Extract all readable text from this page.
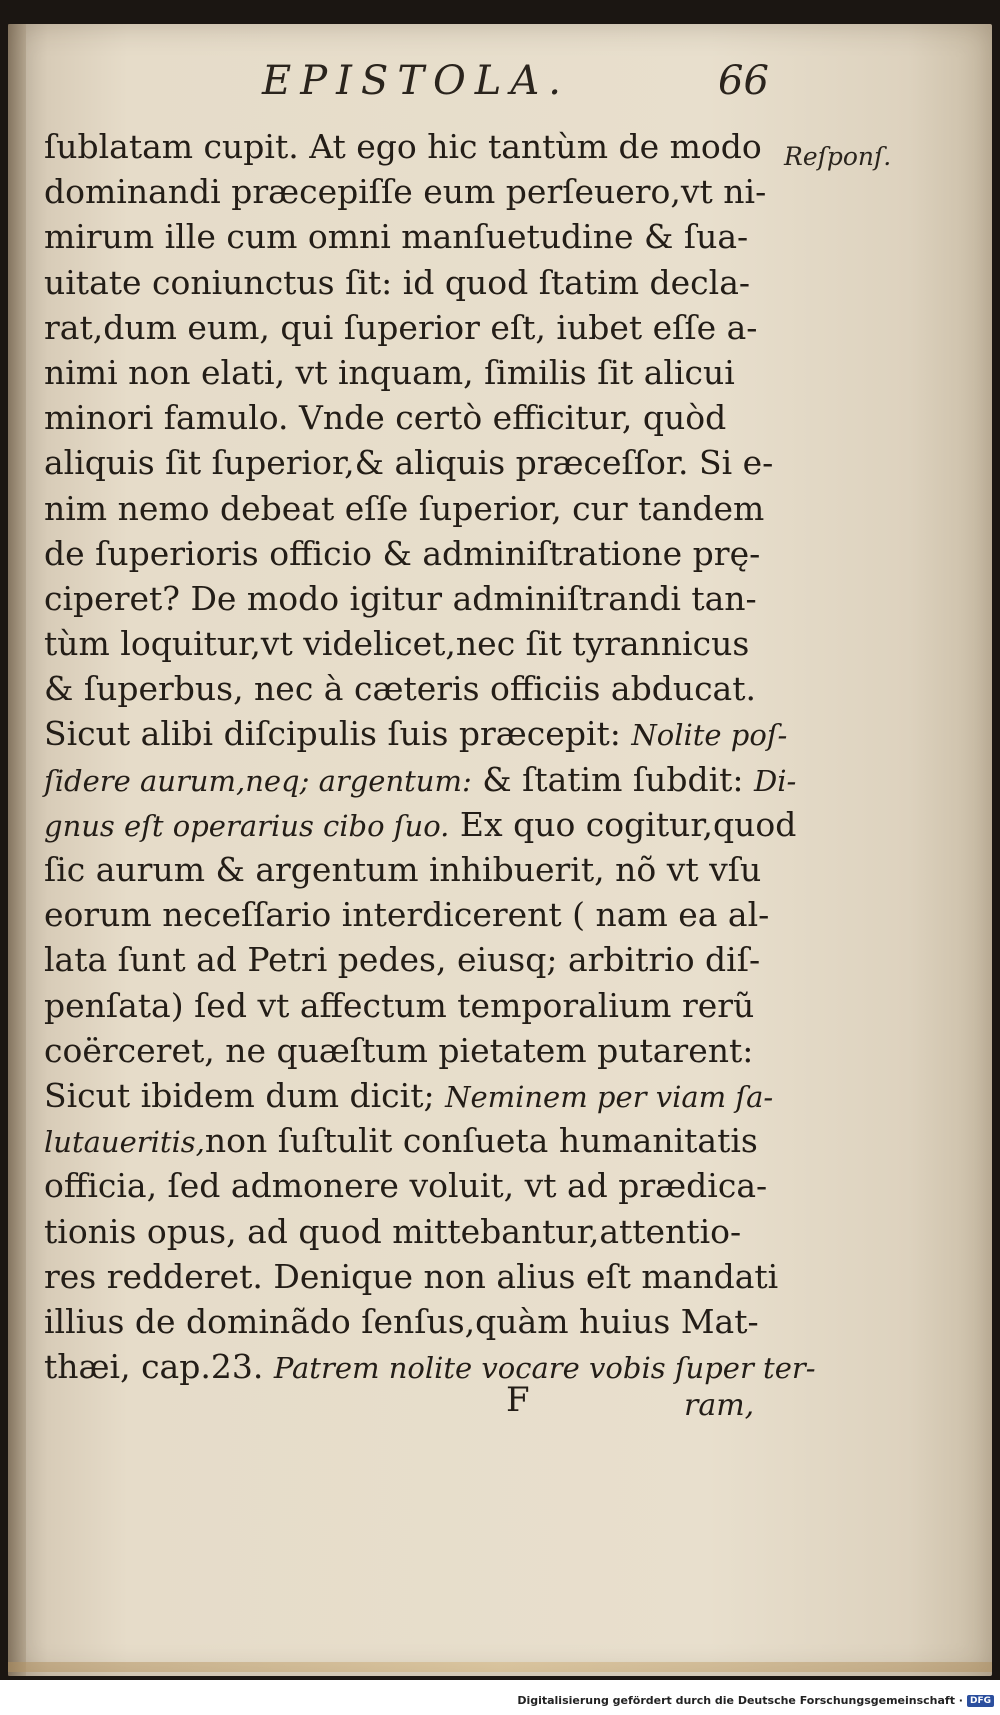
EPISTOLA.	66
Reſponſ.
ſublatam cupit. At ego hic tantùm de modo
dominandi præcepiſſe eum perſeuero,vt ni-
mirum ille cum omni manſuetudine & ſua-
uitate coniunctus ſit: id quod ſtatim decla-
rat,dum eum, qui ſuperior eſt, iubet eſſe a-
nimi non elati, vt inquam, ſimilis ſit alicui
minori famulo. Vnde certò efficitur, quòd
aliquis ſit ſuperior,& aliquis præceſſor. Si e-
nim nemo debeat eſſe ſuperior, cur tandem
de ſuperioris officio & adminiſtratione prę-
ciperet? De modo igitur adminiſtrandi tan-
tùm loquitur,vt videlicet,nec ſit tyrannicus
& ſuperbus, nec à cæteris officiis abducat.
Sicut alibi diſcipulis ſuis præcepit: Nolite poſ-
ſidere aurum,neq; argentum: & ſtatim ſubdit: Di-
gnus eſt operarius cibo ſuo. Ex quo cogitur,quod
ſic aurum & argentum inhibuerit, nõ vt vſu
eorum neceſſario interdicerent ( nam ea al-
lata ſunt ad Petri pedes, eiusq; arbitrio diſ-
penſata) ſed vt affectum temporalium rerũ
coërceret, ne quæſtum pietatem putarent:
Sicut ibidem dum dicit; Neminem per viam ſa-
lutaueritis,non ſuſtulit conſueta humanitatis
officia, ſed admonere voluit, vt ad prædica-
tionis opus, ad quod mittebantur,attentio-
res redderet. Denique non alius eſt mandati
illius de dominãdo ſenſus,quàm huius Mat-
thæi, cap.23. Patrem nolite vocare vobis ſuper ter-
F	ram,
Digitalisierung gefördert durch die Deutsche Forschungsgemeinschaft · DFG
